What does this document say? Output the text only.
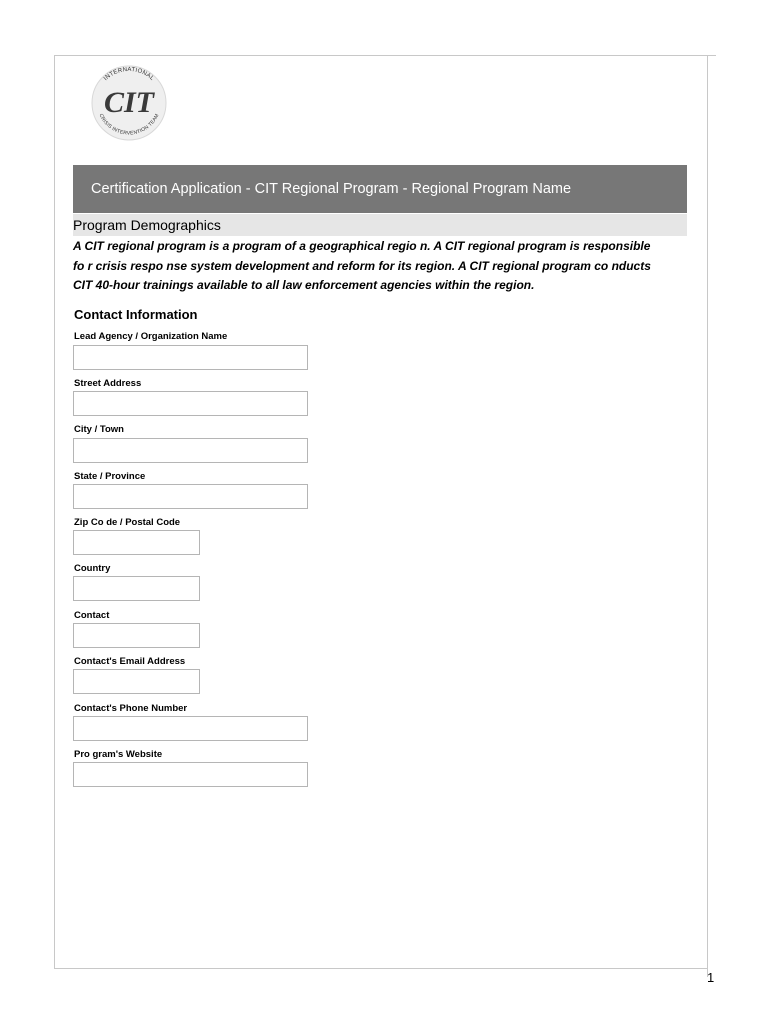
INTERNATIONAL
CRISIS INTERVENTION TEAM
CIT
Certification Application - CIT Regional Program - Regional Program Name
Program Demographics
A CIT regional program is a program of a geographical regio n. A CIT regional program is responsible
fo r crisis respo nse system development and reform for its region. A CIT regional program co nducts
CIT 40-hour trainings available to all law enforcement agencies within the region.
Contact Information
Lead Agency / Organization Name
Street Address
City / Town
State / Province
Zip Co de / Postal Code
Country
Contact
Contact's Email Address
Contact's Phone Number
Pro gram's Website
1
